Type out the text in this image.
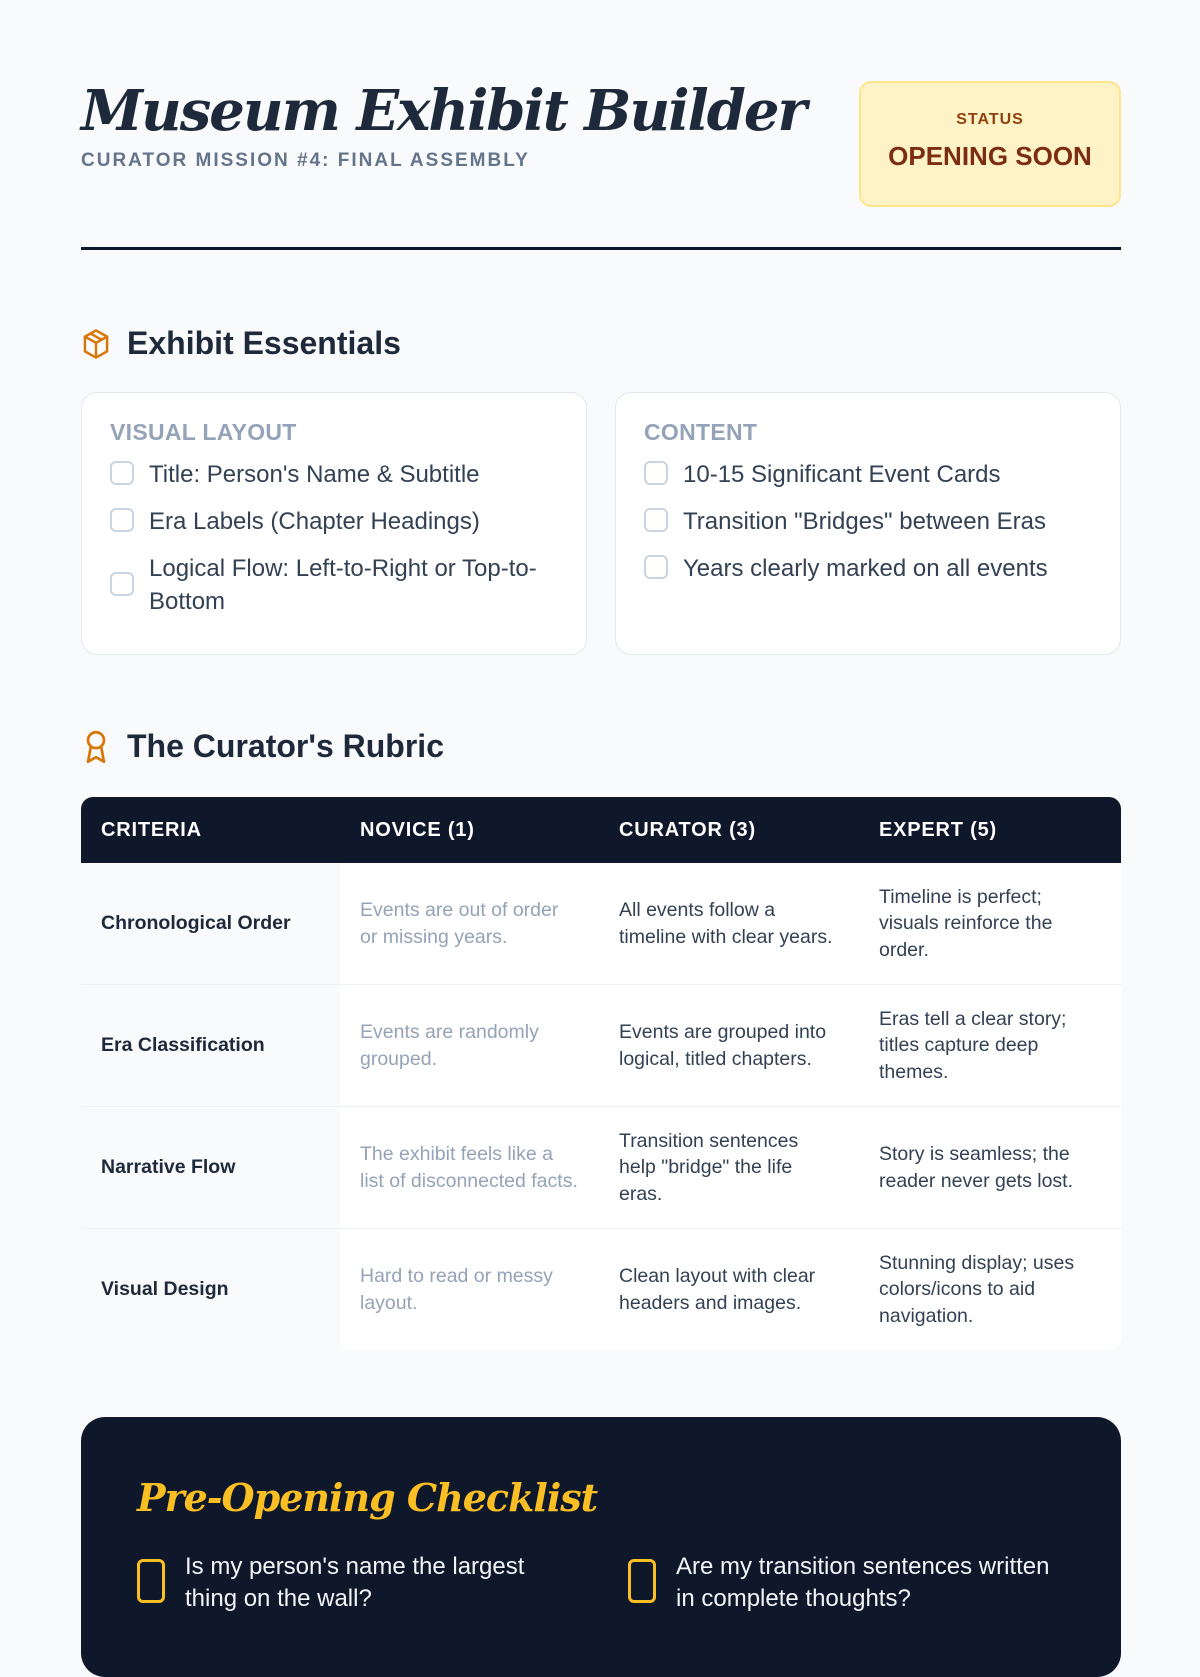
Museum Exhibit Builder
CURATOR MISSION #4: FINAL ASSEMBLY
STATUS
OPENING SOON
Exhibit Essentials
VISUAL LAYOUT
Title: Person's Name & Subtitle
Era Labels (Chapter Headings)
Logical Flow: Left-to-Right or Top-to-Bottom
CONTENT
10-15 Significant Event Cards
Transition "Bridges" between Eras
Years clearly marked on all events
The Curator's Rubric
CRITERIA	NOVICE (1)	CURATOR (3)	EXPERT (5)
Chronological Order	Events are out of order or missing years.	All events follow a timeline with clear years.	Timeline is perfect; visuals reinforce the order.
Era Classification	Events are randomly grouped.	Events are grouped into logical, titled chapters.	Eras tell a clear story; titles capture deep themes.
Narrative Flow	The exhibit feels like a list of disconnected facts.	Transition sentences help "bridge" the life eras.	Story is seamless; the reader never gets lost.
Visual Design	Hard to read or messy layout.	Clean layout with clear headers and images.	Stunning display; uses colors/icons to aid navigation.
Pre-Opening Checklist
Is my person's name the largest thing on the wall?
Are my transition sentences written in complete thoughts?
